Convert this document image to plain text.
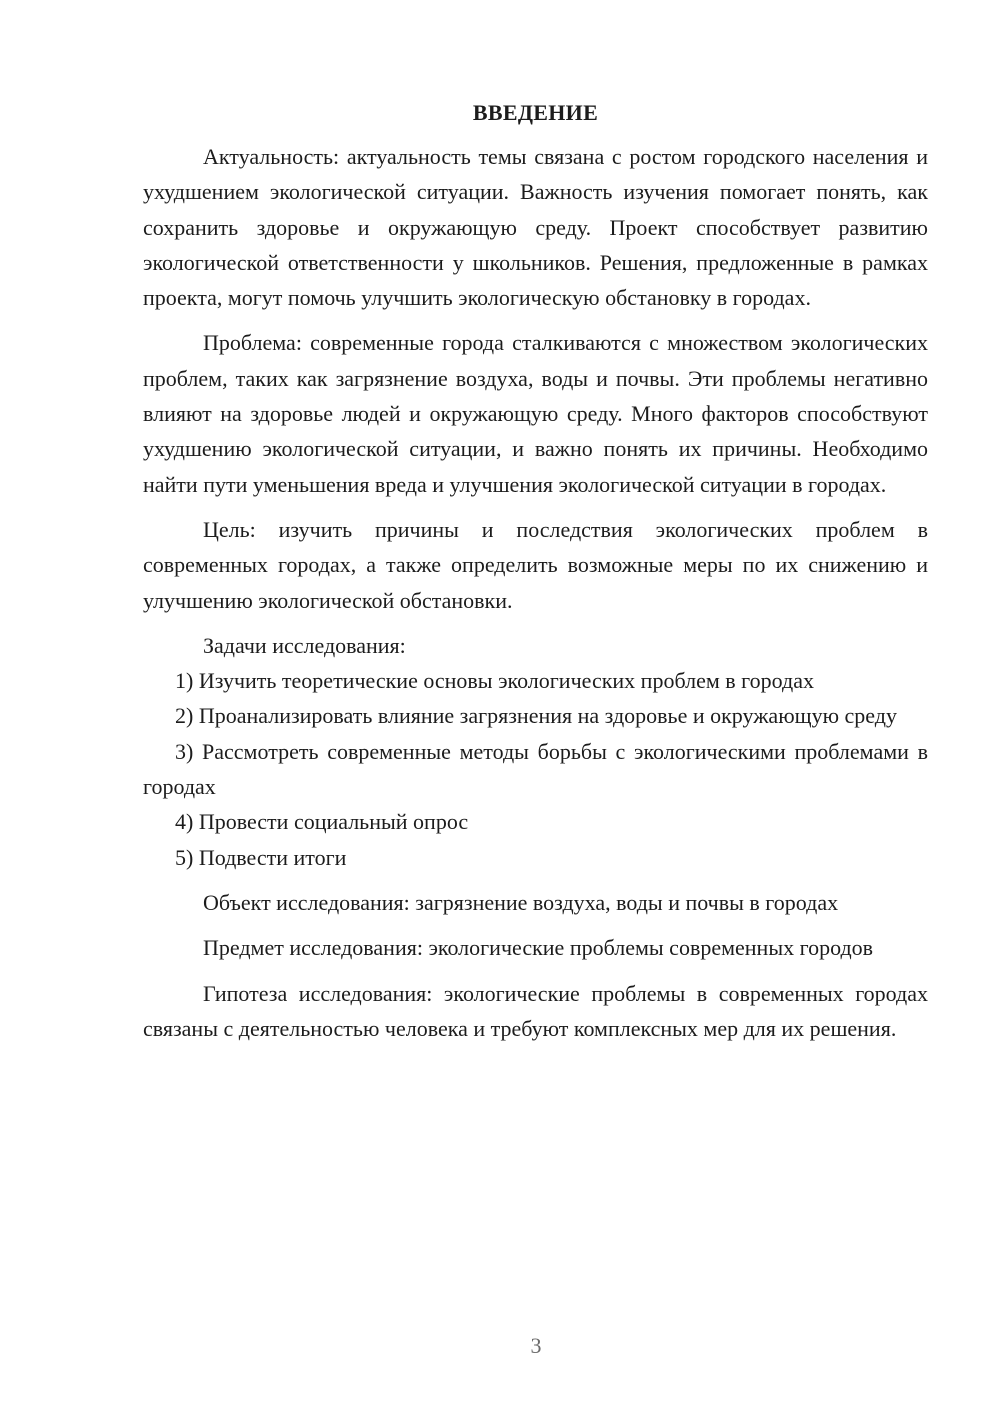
ВВЕДЕНИЕ

Актуальность: актуальность темы связана с ростом городского населения и ухудшением экологической ситуации. Важность изучения помогает понять, как сохранить здоровье и окружающую среду. Проект способствует развитию экологической ответственности у школьников. Решения, предложенные в рамках проекта, могут помочь улучшить экологическую обстановку в городах.

Проблема: современные города сталкиваются с множеством экологических проблем, таких как загрязнение воздуха, воды и почвы. Эти проблемы негативно влияют на здоровье людей и окружающую среду. Много факторов способствуют ухудшению экологической ситуации, и важно понять их причины. Необходимо найти пути уменьшения вреда и улучшения экологической ситуации в городах.

Цель: изучить причины и последствия экологических проблем в современных городах, а также определить возможные меры по их снижению и улучшению экологической обстановки.

Задачи исследования:

1) Изучить теоретические основы экологических проблем в городах

2) Проанализировать влияние загрязнения на здоровье и окружающую среду

3) Рассмотреть современные методы борьбы с экологическими проблемами в городах

4) Провести социальный опрос

5) Подвести итоги

Объект исследования: загрязнение воздуха, воды и почвы в городах

Предмет исследования: экологические проблемы современных городов

Гипотеза исследования: экологические проблемы в современных городах связаны с деятельностью человека и требуют комплексных мер для их решения.

3
